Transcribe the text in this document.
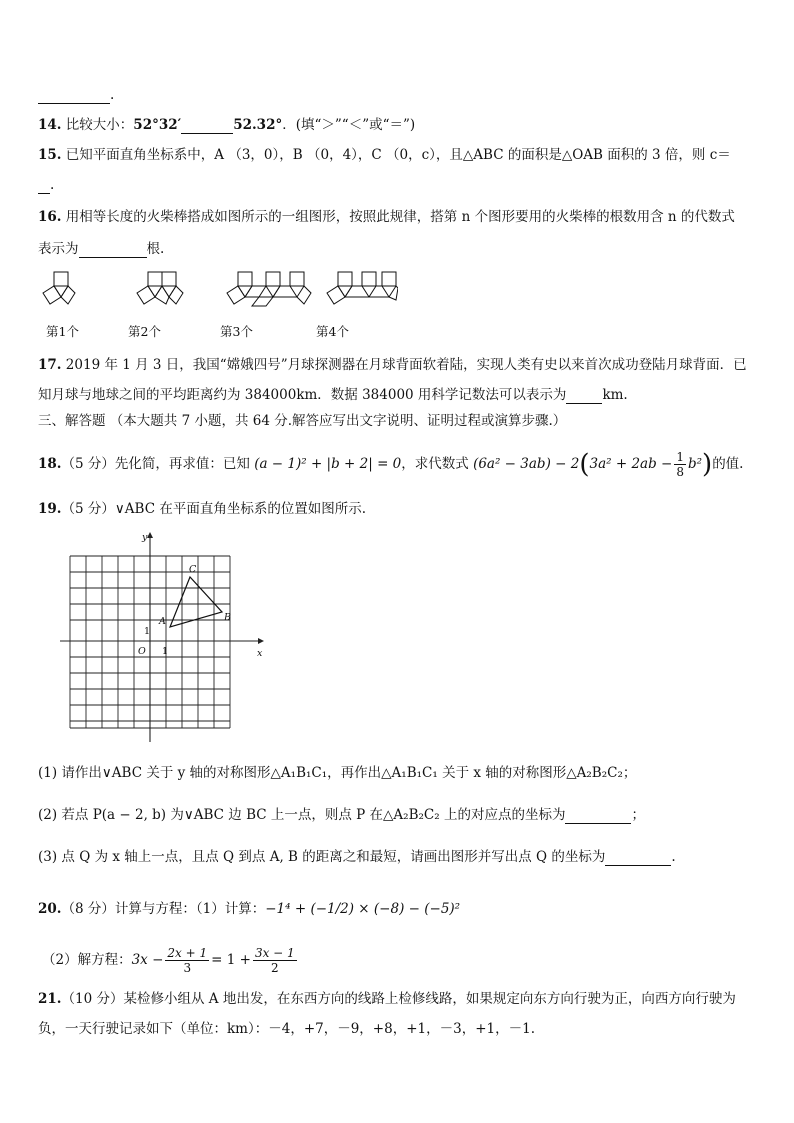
.
14. 比较大小：52°32′	52.32°．(填“＞”“＜”或“＝”)
15. 已知平面直角坐标系中，A （3，0），B （0，4），C （0，c），且△ABC 的面积是△OAB 面积的 3 倍，则 c＝
.
16. 用相等长度的火柴棒搭成如图所示的一组图形，按照此规律，搭第 n 个图形要用的火柴棒的根数用含 n 的代数式
表示为	根.
第1个	第2个	第3个	第4个
17. 2019 年 1 月 3 日，我国“嫦娥四号”月球探测器在月球背面软着陆，实现人类有史以来首次成功登陆月球背面．已
知月球与地球之间的平均距离约为 384000km．数据 384000 用科学记数法可以表示为	km.
三、解答题 （本大题共 7 小题，共 64 分.解答应写出文字说明、证明过程或演算步骤.）
18.（5 分）先化简，再求值：已知 (a − 1)² + |b + 2| = 0，求代数式 $(6a^2 - 3ab) - 2(3a^2 + 2ab - \frac{1}{8} b^2)$的值.
19.（5 分）∨ABC 在平面直角坐标系的位置如图所示.
y
x
O 1
1
A	B
C
(1) 请作出∨ABC 关于 y 轴的对称图形△A₁B₁C₁，再作出△A₁B₁C₁ 关于 x 轴的对称图形△A₂B₂C₂；
(2) 若点 P(a − 2, b) 为∨ABC 边 BC 上一点，则点 P 在△A₂B₂C₂ 上的对应点的坐标为	；
(3) 点 Q 为 x 轴上一点，且点 Q 到点 A, B 的距离之和最短，请画出图形并写出点 Q 的坐标为	.
20.（8 分）计算与方程：（1）计算：−1⁴ + (−1/2) × (−8) − (−5)²
（2）解方程：$3x - \frac{2x + 1}{3} = 1 + \frac{3x - 1}{2}$
21.（10 分）某检修小组从 A 地出发，在东西方向的线路上检修线路，如果规定向东方向行驶为正，向西方向行驶为
负，一天行驶记录如下（单位：km）：－4，+7，－9，+8，+1，－3，+1，－1.
